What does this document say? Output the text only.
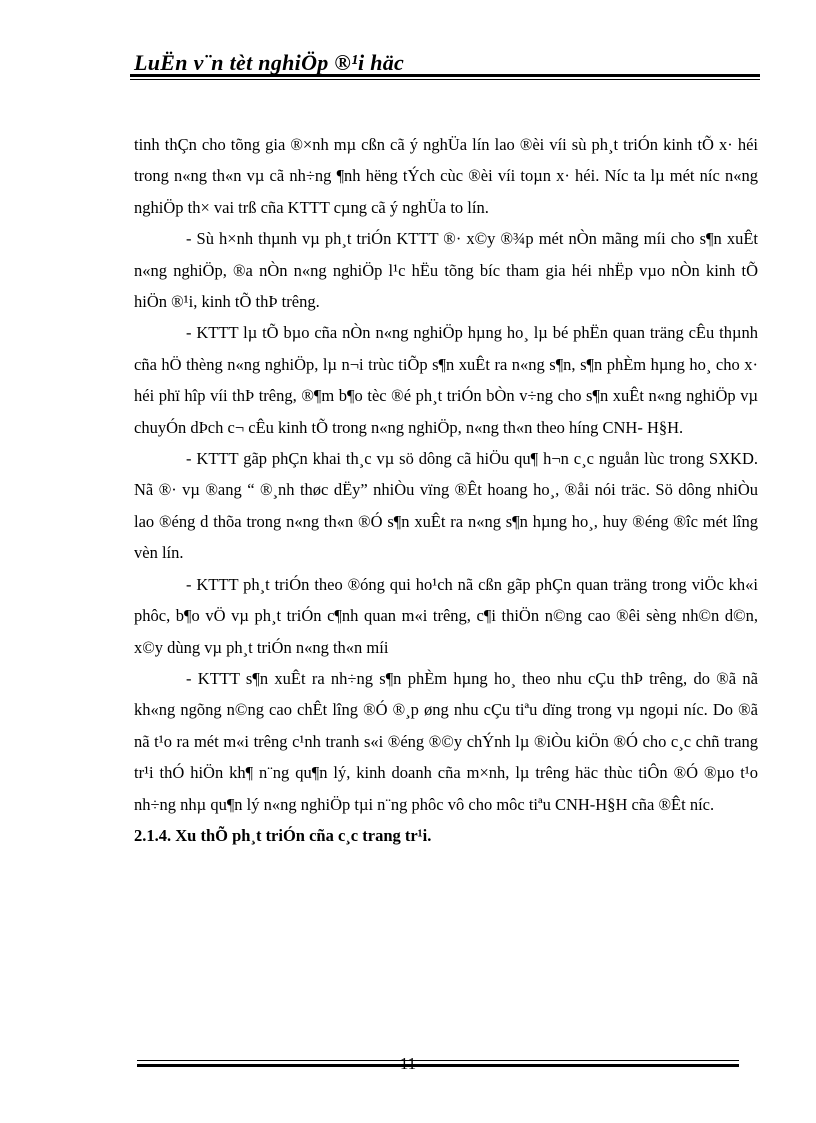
LuËn v¨n tèt nghiÖp ®¹i häc

tinh thÇn cho tõng gia ®×nh mµ cßn cã ý nghÜa lín lao ®èi víi sù ph¸t triÓn kinh tÕ x· héi trong n«ng th«n vµ cã nh÷ng ¶nh hëng tÝch cùc ®èi víi toµn x· héi. Níc ta lµ mét níc n«ng nghiÖp th× vai trß cña KTTT cµng cã ý nghÜa to lín.

- Sù h×nh thµnh vµ ph¸t triÓn KTTT ®· x©y ®¾p mét nÒn mãng míi cho s¶n xuÊt n«ng nghiÖp, ®a nÒn n«ng nghiÖp l¹c hËu tõng bíc tham gia héi nhËp vµo nÒn kinh tÕ hiÖn ®¹i, kinh tÕ thÞ trêng.

- KTTT lµ tÕ bµo cña nÒn n«ng nghiÖp hµng ho¸ lµ bé phËn quan träng cÊu thµnh cña hÖ thèng n«ng nghiÖp, lµ n¬i trùc tiÕp s¶n xuÊt ra n«ng s¶n, s¶n phÈm hµng ho¸ cho x· héi phï hîp víi thÞ trêng, ®¶m b¶o tèc ®é ph¸t triÓn bÒn v÷ng cho s¶n xuÊt n«ng nghiÖp vµ chuyÓn dÞch c¬ cÊu kinh tÕ trong n«ng nghiÖp, n«ng th«n theo híng CNH- H§H.

- KTTT gãp phÇn khai th¸c vµ sö dông cã hiÖu qu¶ h¬n c¸c nguån lùc trong SXKD. Nã ®· vµ ®ang “ ®¸nh thøc dËy” nhiÒu vïng ®Êt hoang ho¸, ®åi nói träc. Sö dông nhiÒu lao ®éng d thõa trong n«ng th«n ®Ó s¶n xuÊt ra n«ng s¶n hµng ho¸, huy ®éng ®îc mét lîng vèn lín.

- KTTT ph¸t triÓn theo ®óng qui ho¹ch nã cßn gãp phÇn quan träng trong viÖc kh«i phôc, b¶o vÖ vµ ph¸t triÓn c¶nh quan m«i trêng, c¶i thiÖn n©ng cao ®êi sèng nh©n d©n, x©y dùng vµ ph¸t triÓn n«ng th«n míi

- KTTT s¶n xuÊt ra nh÷ng s¶n phÈm hµng ho¸ theo nhu cÇu thÞ trêng, do ®ã nã kh«ng ngõng n©ng cao chÊt lîng ®Ó ®¸p øng nhu cÇu tiªu dïng trong vµ ngoµi níc. Do ®ã nã t¹o ra mét m«i trêng c¹nh tranh s«i ®éng ®©y chÝnh lµ ®iÒu kiÖn ®Ó cho c¸c chñ trang tr¹i thÓ hiÖn kh¶ n¨ng qu¶n lý, kinh doanh cña m×nh, lµ trêng häc thùc tiÔn ®Ó ®µo t¹o nh÷ng nhµ qu¶n lý n«ng nghiÖp tµi n¨ng phôc vô cho môc tiªu CNH-H§H cña ®Êt níc.

2.1.4. Xu thÕ ph¸t triÓn cña c¸c trang tr¹i.

11
